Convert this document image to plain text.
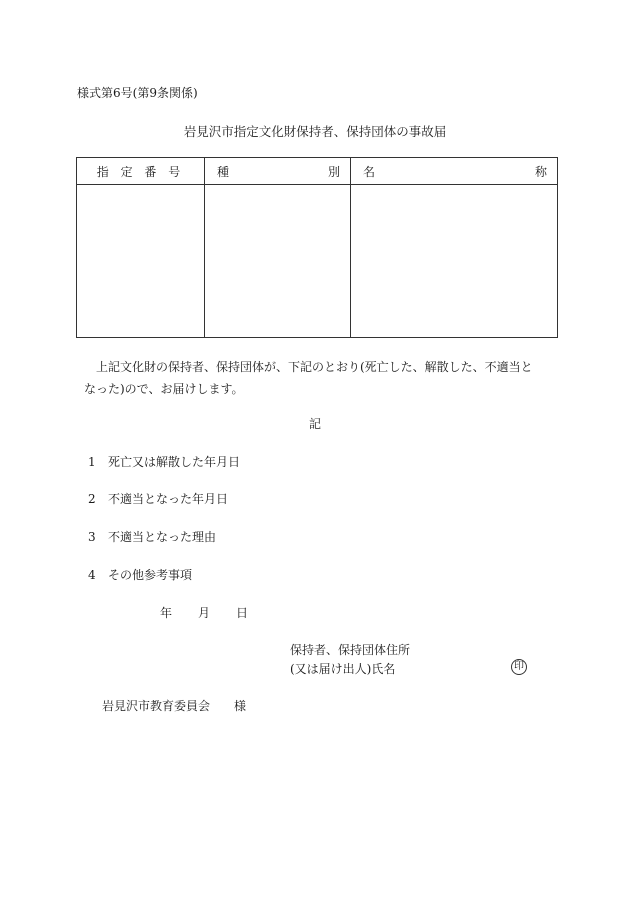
様式第6号(第9条関係)
岩見沢市指定文化財保持者、保持団体の事故届
指 定 番 号	種 別	名 称

上記文化財の保持者、保持団体が、下記のとおり(死亡した、解散した、不適当となった)ので、お届けします。
記
1 死亡又は解散した年月日
2 不適当となった年月日
3 不適当となった理由
4 その他参考事項
年 月 日
保持者、保持団体住所
(又は届け出人)氏名	印
岩見沢市教育委員会 様
